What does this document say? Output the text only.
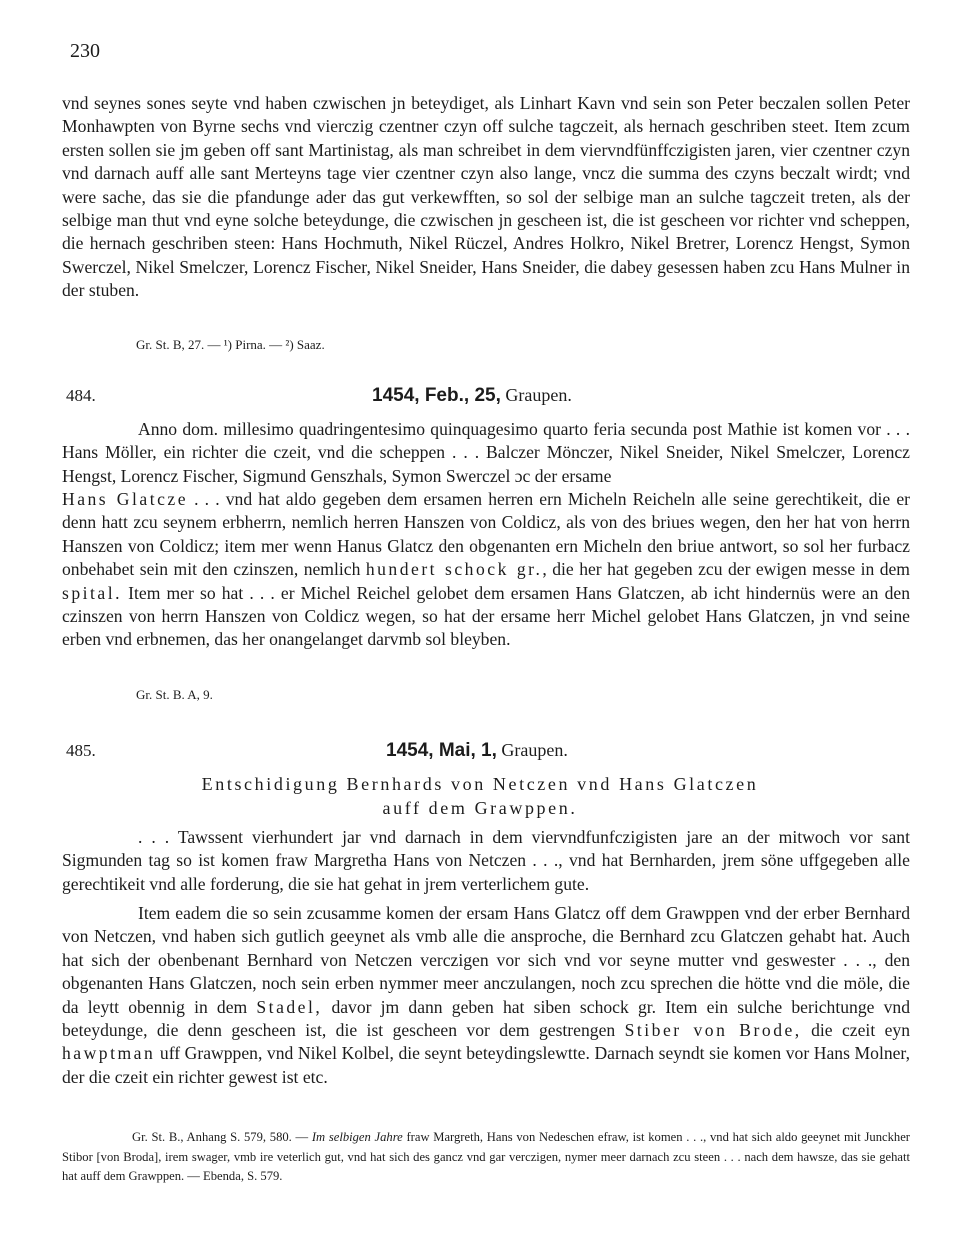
230

vnd seynes sones seyte vnd haben czwischen jn beteydiget, als Linhart Kavn vnd sein son Peter beczalen sollen Peter Monhawpten von Byrne sechs vnd vierczig czentner czyn off sulche tagczeit, als hernach geschriben steet. Item zcum ersten sollen sie jm geben off sant Martinistag, als man schreibet in dem viervndfünffczigisten jaren, vier czentner czyn vnd darnach auff alle sant Merteyns tage vier czentner czyn also lange, vncz die summa des czyns beczalt wirdt; vnd were sache, das sie die pfandunge ader das gut verkewfften, so sol der selbige man an sulche tagczeit treten, als der selbige man thut vnd eyne solche beteydunge, die czwischen jn gescheen ist, die ist gescheen vor richter vnd scheppen, die hernach geschriben steen: Hans Hochmuth, Nikel Rüczel, Andres Holkro, Nikel Bretrer, Lorencz Hengst, Symon Swerczel, Nikel Smelczer, Lorencz Fischer, Nikel Sneider, Hans Sneider, die dabey gesessen haben zcu Hans Mulner in der stuben.

Gr. St. B, 27. — ¹) Pirna. — ²) Saaz.
484.	1454, Feb., 25, Graupen.

Anno dom. millesimo quadringentesimo quinquagesimo quarto feria secunda post Mathie ist komen vor . . . Hans Möller, ein richter die czeit, vnd die scheppen . . . Balczer Mönczer, Nikel Sneider, Nikel Smelczer, Lorencz Hengst, Lorencz Fischer, Sigmund Genszhals, Symon Swerczel ɔc der ersame

Hans Glatcze . . . vnd hat aldo gegeben dem ersamen herren ern Micheln Reicheln alle seine gerechtikeit, die er denn hatt zcu seynem erbherrn, nemlich herren Hanszen von Coldicz, als von des briues wegen, den her hat von herrn Hanszen von Coldicz; item mer wenn Hanus Glatcz den obgenanten ern Micheln den briue antwort, so sol her furbacz onbehabet sein mit den czinszen, nemlich hundert schock gr., die her hat gegeben zcu der ewigen messe in dem spital. Item mer so hat . . . er Michel Reichel gelobet dem ersamen Hans Glatczen, ab icht hindernüs were an den czinszen von herrn Hanszen von Coldicz wegen, so hat der ersame herr Michel gelobet Hans Glatczen, jn vnd seine erben vnd erbnemen, das her onangelanget darvmb sol bleyben.

Gr. St. B. A, 9.
485.	1454, Mai, 1, Graupen.

Entschidigung Bernhards von Netczen vnd Hans Glatczen
auff dem Grawppen.

. . . Tawssent vierhundert jar vnd darnach in dem viervndfunfczigisten jare an der mitwoch vor sant Sigmunden tag so ist komen fraw Margretha Hans von Netczen . . ., vnd hat Bernharden, jrem söne uffgegeben alle gerechtikeit vnd alle forderung, die sie hat gehat in jrem verterlichem gute.

Item eadem die so sein zcusamme komen der ersam Hans Glatcz off dem Grawppen vnd der erber Bernhard von Netczen, vnd haben sich gutlich geeynet als vmb alle die ansproche, die Bernhard zcu Glatczen gehabt hat. Auch hat sich der obenbenant Bernhard von Netczen verczigen vor sich vnd vor seyne mutter vnd geswester . . ., den obgenanten Hans Glatczen, noch sein erben nymmer meer anczulangen, noch zcu sprechen die hötte vnd die möle, die da leytt obennig in dem Stadel, davor jm dann geben hat siben schock gr. Item ein sulche berichtunge vnd beteydunge, die denn gescheen ist, die ist gescheen vor dem gestrengen Stiber von Brode, die czeit eyn hawptman uff Grawppen, vnd Nikel Kolbel, die seynt beteydingslewtte. Darnach seyndt sie komen vor Hans Molner, der die czeit ein richter gewest ist etc.

Gr. St. B., Anhang S. 579, 580. — Im selbigen Jahre fraw Margreth, Hans von Nedeschen efraw, ist komen . . ., vnd hat sich aldo geeynet mit Junckher Stibor [von Broda], irem swager, vmb ire veterlich gut, vnd hat sich des gancz vnd gar verczigen, nymer meer darnach zcu steen . . . nach dem hawsze, das sie gehatt hat auff dem Grawppen. — Ebenda, S. 579.
